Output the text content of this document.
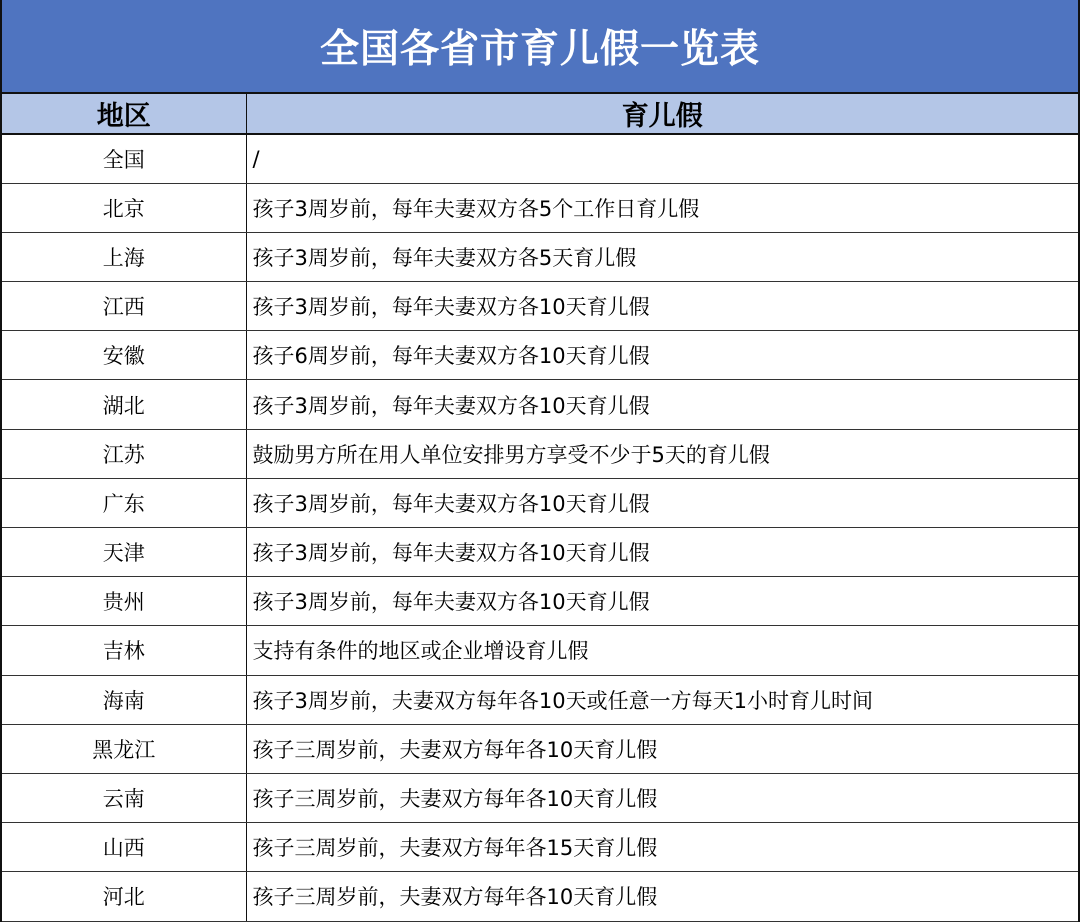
全国各省市育儿假一览表
地区	育儿假
全国	/
北京	孩子3周岁前，每年夫妻双方各5个工作日育儿假
上海	孩子3周岁前，每年夫妻双方各5天育儿假
江西	孩子3周岁前，每年夫妻双方各10天育儿假
安徽	孩子6周岁前，每年夫妻双方各10天育儿假
湖北	孩子3周岁前，每年夫妻双方各10天育儿假
江苏	鼓励男方所在用人单位安排男方享受不少于5天的育儿假
广东	孩子3周岁前，每年夫妻双方各10天育儿假
天津	孩子3周岁前，每年夫妻双方各10天育儿假
贵州	孩子3周岁前，每年夫妻双方各10天育儿假
吉林	支持有条件的地区或企业增设育儿假
海南	孩子3周岁前，夫妻双方每年各10天或任意一方每天1小时育儿时间
黑龙江	孩子三周岁前，夫妻双方每年各10天育儿假
云南	孩子三周岁前，夫妻双方每年各10天育儿假
山西	孩子三周岁前，夫妻双方每年各15天育儿假
河北	孩子三周岁前，夫妻双方每年各10天育儿假
